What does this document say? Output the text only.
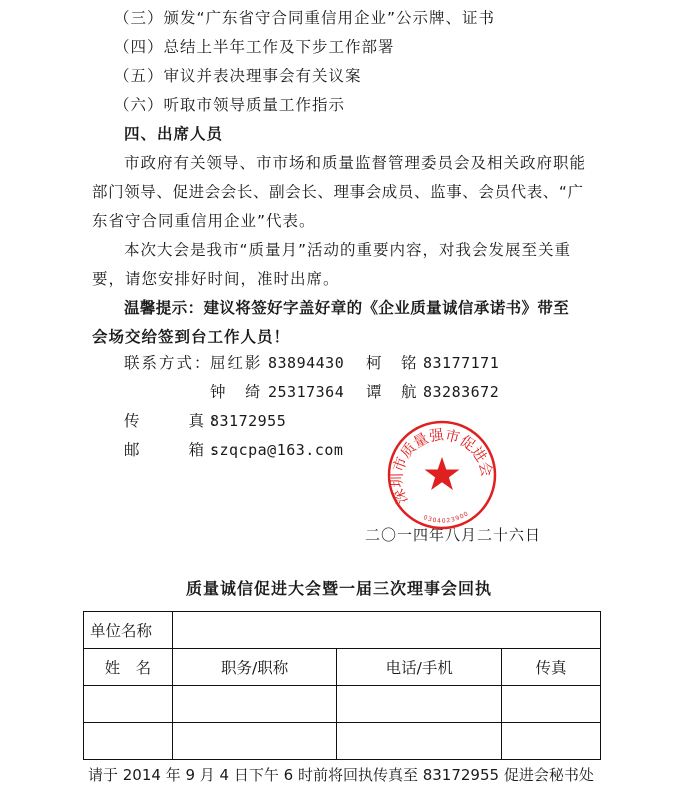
（三）颁发“广东省守合同重信用企业”公示牌、证书
（四）总结上半年工作及下步工作部署
（五）审议并表决理事会有关议案
（六）听取市领导质量工作指示
四、出席人员
市政府有关领导、市市场和质量监督管理委员会及相关政府职能
部门领导、促进会会长、副会长、理事会成员、监事、会员代表、“广
东省守合同重信用企业”代表。
本次大会是我市“质量月”活动的重要内容，对我会发展至关重
要，请您安排好时间，准时出席。
温馨提示：建议将签好字盖好章的《企业质量诚信承诺书》带至
会场交给签到台工作人员！
联系方式：
屈红影 83894430 柯　铭 83177171
钟　绮 25317364 谭　航 83283672
传　　真：
83172955
邮　　箱：
szqcpa@163.com
二〇一四年八月二十六日
深圳市质量强市促进会
0304023900
质量诚信促进大会暨一届三次理事会回执
单位名称			
姓　名	职务/职称	电话/手机	传真

请于 2014 年 9 月 4 日下午 6 时前将回执传真至 83172955 促进会秘书处
